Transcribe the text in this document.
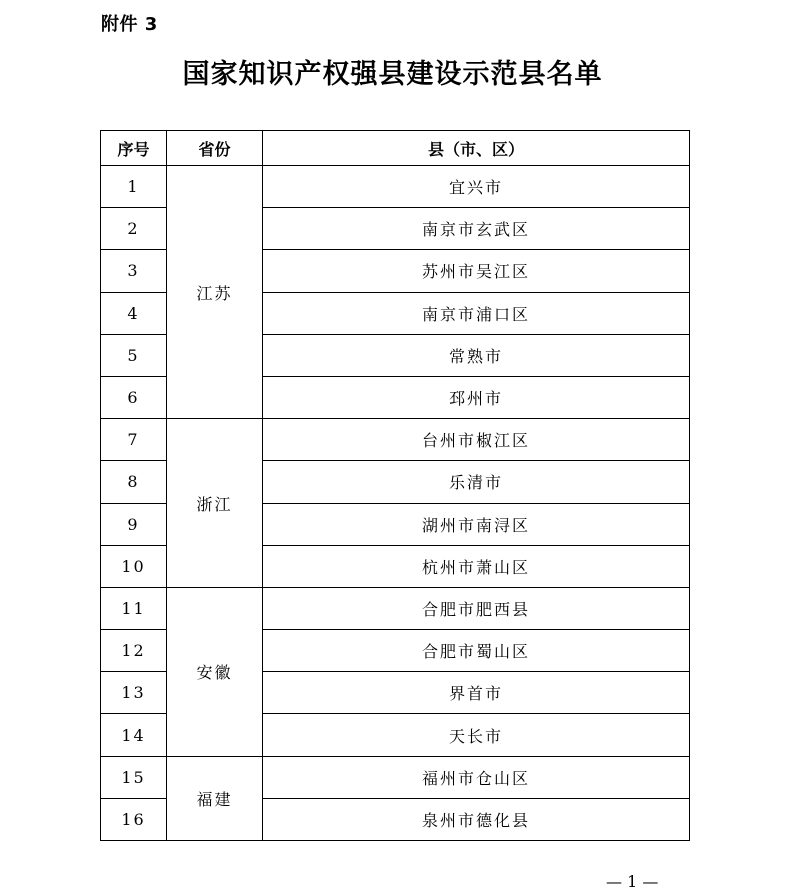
附件 3
国家知识产权强县建设示范县名单
序号	省份	县（市、区）
1	江苏	宜兴市
2		南京市玄武区
3		苏州市吴江区
4		南京市浦口区
5		常熟市
6		邳州市
7	浙江	台州市椒江区
8		乐清市
9		湖州市南浔区
10		杭州市萧山区
11	安徽	合肥市肥西县
12		合肥市蜀山区
13		界首市
14		天长市
15	福建	福州市仓山区
16		泉州市德化县
— 1 —
